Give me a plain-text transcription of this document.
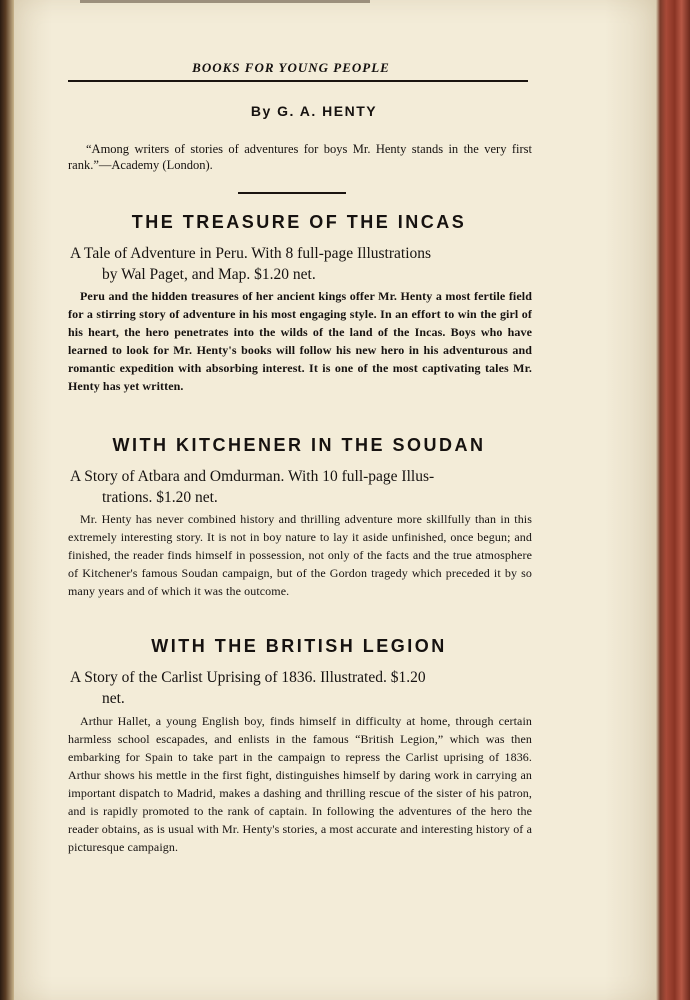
BOOKS FOR YOUNG PEOPLE
By G. A. HENTY
“Among writers of stories of adventures for boys Mr. Henty stands in the very first rank.”—Academy (London).
THE TREASURE OF THE INCAS
A Tale of Adventure in Peru. With 8 full-page Illustrations
by Wal Paget, and Map. $1.20 net.
Peru and the hidden treasures of her ancient kings offer Mr. Henty a most fertile field for a stirring story of adventure in his most engaging style. In an effort to win the girl of his heart, the hero penetrates into the wilds of the land of the Incas. Boys who have learned to look for Mr. Henty's books will follow his new hero in his adventurous and romantic expedition with absorbing interest. It is one of the most captivating tales Mr. Henty has yet written.
WITH KITCHENER IN THE SOUDAN
A Story of Atbara and Omdurman. With 10 full-page Illus-
trations. $1.20 net.
Mr. Henty has never combined history and thrilling adventure more skillfully than in this extremely interesting story. It is not in boy nature to lay it aside unfinished, once begun; and finished, the reader finds himself in possession, not only of the facts and the true atmosphere of Kitchener's famous Soudan campaign, but of the Gordon tragedy which preceded it by so many years and of which it was the outcome.
WITH THE BRITISH LEGION
A Story of the Carlist Uprising of 1836. Illustrated. $1.20
net.
Arthur Hallet, a young English boy, finds himself in difficulty at home, through certain harmless school escapades, and enlists in the famous “British Legion,” which was then embarking for Spain to take part in the campaign to repress the Carlist uprising of 1836. Arthur shows his mettle in the first fight, distinguishes himself by daring work in carrying an important dispatch to Madrid, makes a dashing and thrilling rescue of the sister of his patron, and is rapidly promoted to the rank of captain. In following the adventures of the hero the reader obtains, as is usual with Mr. Henty's stories, a most accurate and interesting history of a picturesque campaign.
